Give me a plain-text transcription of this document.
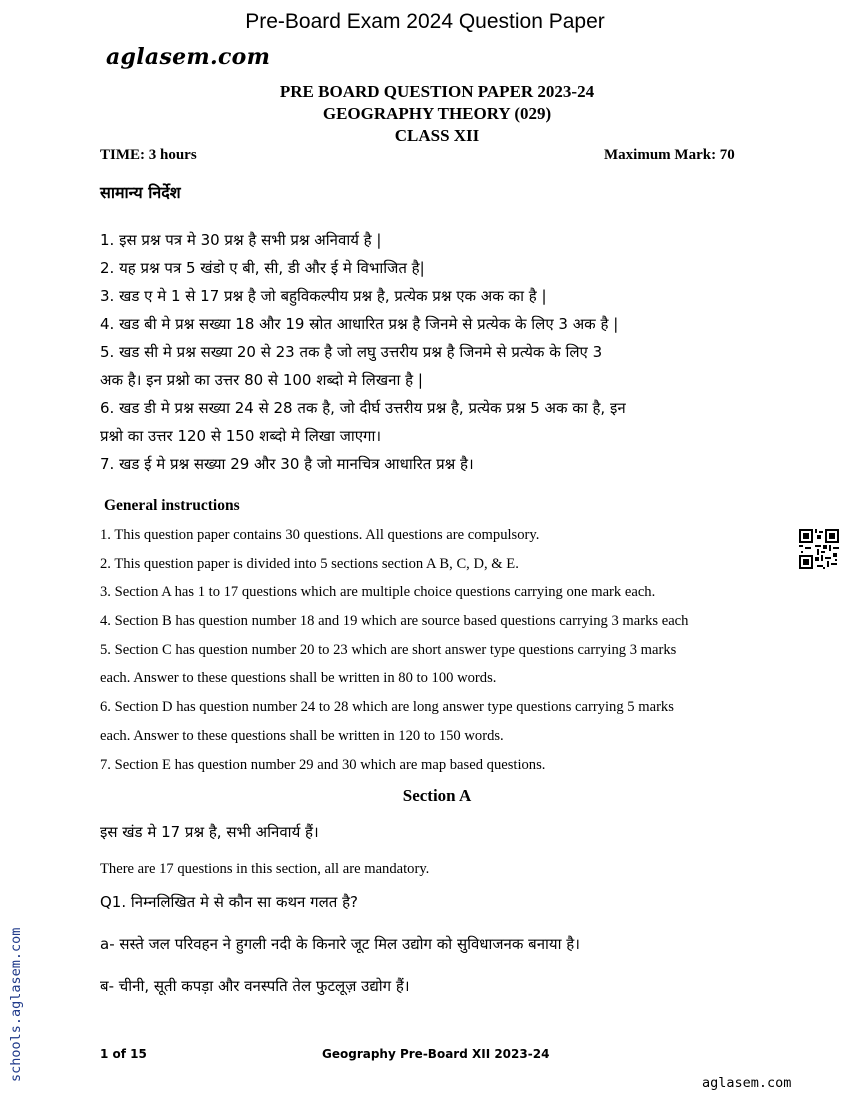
Pre-Board Exam 2024 Question Paper
aglasem.com
PRE BOARD QUESTION PAPER 2023-24
GEOGRAPHY THEORY (029)
CLASS XII
TIME: 3 hours	Maximum Mark: 70
सामान्य निर्देश
1. इस प्रश्न पत्र मे 30 प्रश्न है सभी प्रश्न अनिवार्य है |
2. यह प्रश्न पत्र 5 खंडो ए बी, सी, डी और ई मे विभाजित है|
3. खड ए मे 1 से 17 प्रश्न है जो बहुविकल्पीय प्रश्न है, प्रत्येक प्रश्न एक अक का है |
4. खड बी मे प्रश्न सख्या 18 और 19 स्रोत आधारित प्रश्न है जिनमे से प्रत्येक के लिए 3 अक है |
5. खड सी मे प्रश्न सख्या 20 से 23 तक है जो लघु उत्तरीय प्रश्न है जिनमे से प्रत्येक के लिए 3
अक है। इन प्रश्नो का उत्तर 80 से 100 शब्दो मे लिखना है |
6. खड डी मे प्रश्न सख्या 24 से 28 तक है, जो दीर्घ उत्तरीय प्रश्न है, प्रत्येक प्रश्न 5 अक का है, इन
प्रश्नो का उत्तर 120 से 150 शब्दो मे लिखा जाएगा।
7. खड ई मे प्रश्न सख्या 29 और 30 है जो मानचित्र आधारित प्रश्न है।
General instructions
1. This question paper contains 30 questions. All questions are compulsory.
2. This question paper is divided into 5 sections section A B, C, D, & E.
3. Section A has 1 to 17 questions which are multiple choice questions carrying one mark each.
4. Section B has question number 18 and 19 which are source based questions carrying 3 marks each
5. Section C has question number 20 to 23 which are short answer type questions carrying 3 marks
each. Answer to these questions shall be written in 80 to 100 words.
6. Section D has question number 24 to 28 which are long answer type questions carrying 5 marks
each. Answer to these questions shall be written in 120 to 150 words.
7. Section E has question number 29 and 30 which are map based questions.
Section A
इस खंड मे 17 प्रश्न है, सभी अनिवार्य हैं।
There are 17 questions in this section, all are mandatory.
Q1. निम्नलिखित मे से कौन सा कथन गलत है?
a- सस्ते जल परिवहन ने हुगली नदी के किनारे जूट मिल उद्योग को सुविधाजनक बनाया है।
ब- चीनी, सूती कपड़ा और वनस्पति तेल फुटलूज़ उद्योग हैं।
1 of 15	Geography Pre-Board XII 2023-24
schools.aglasem.com
aglasem.com
